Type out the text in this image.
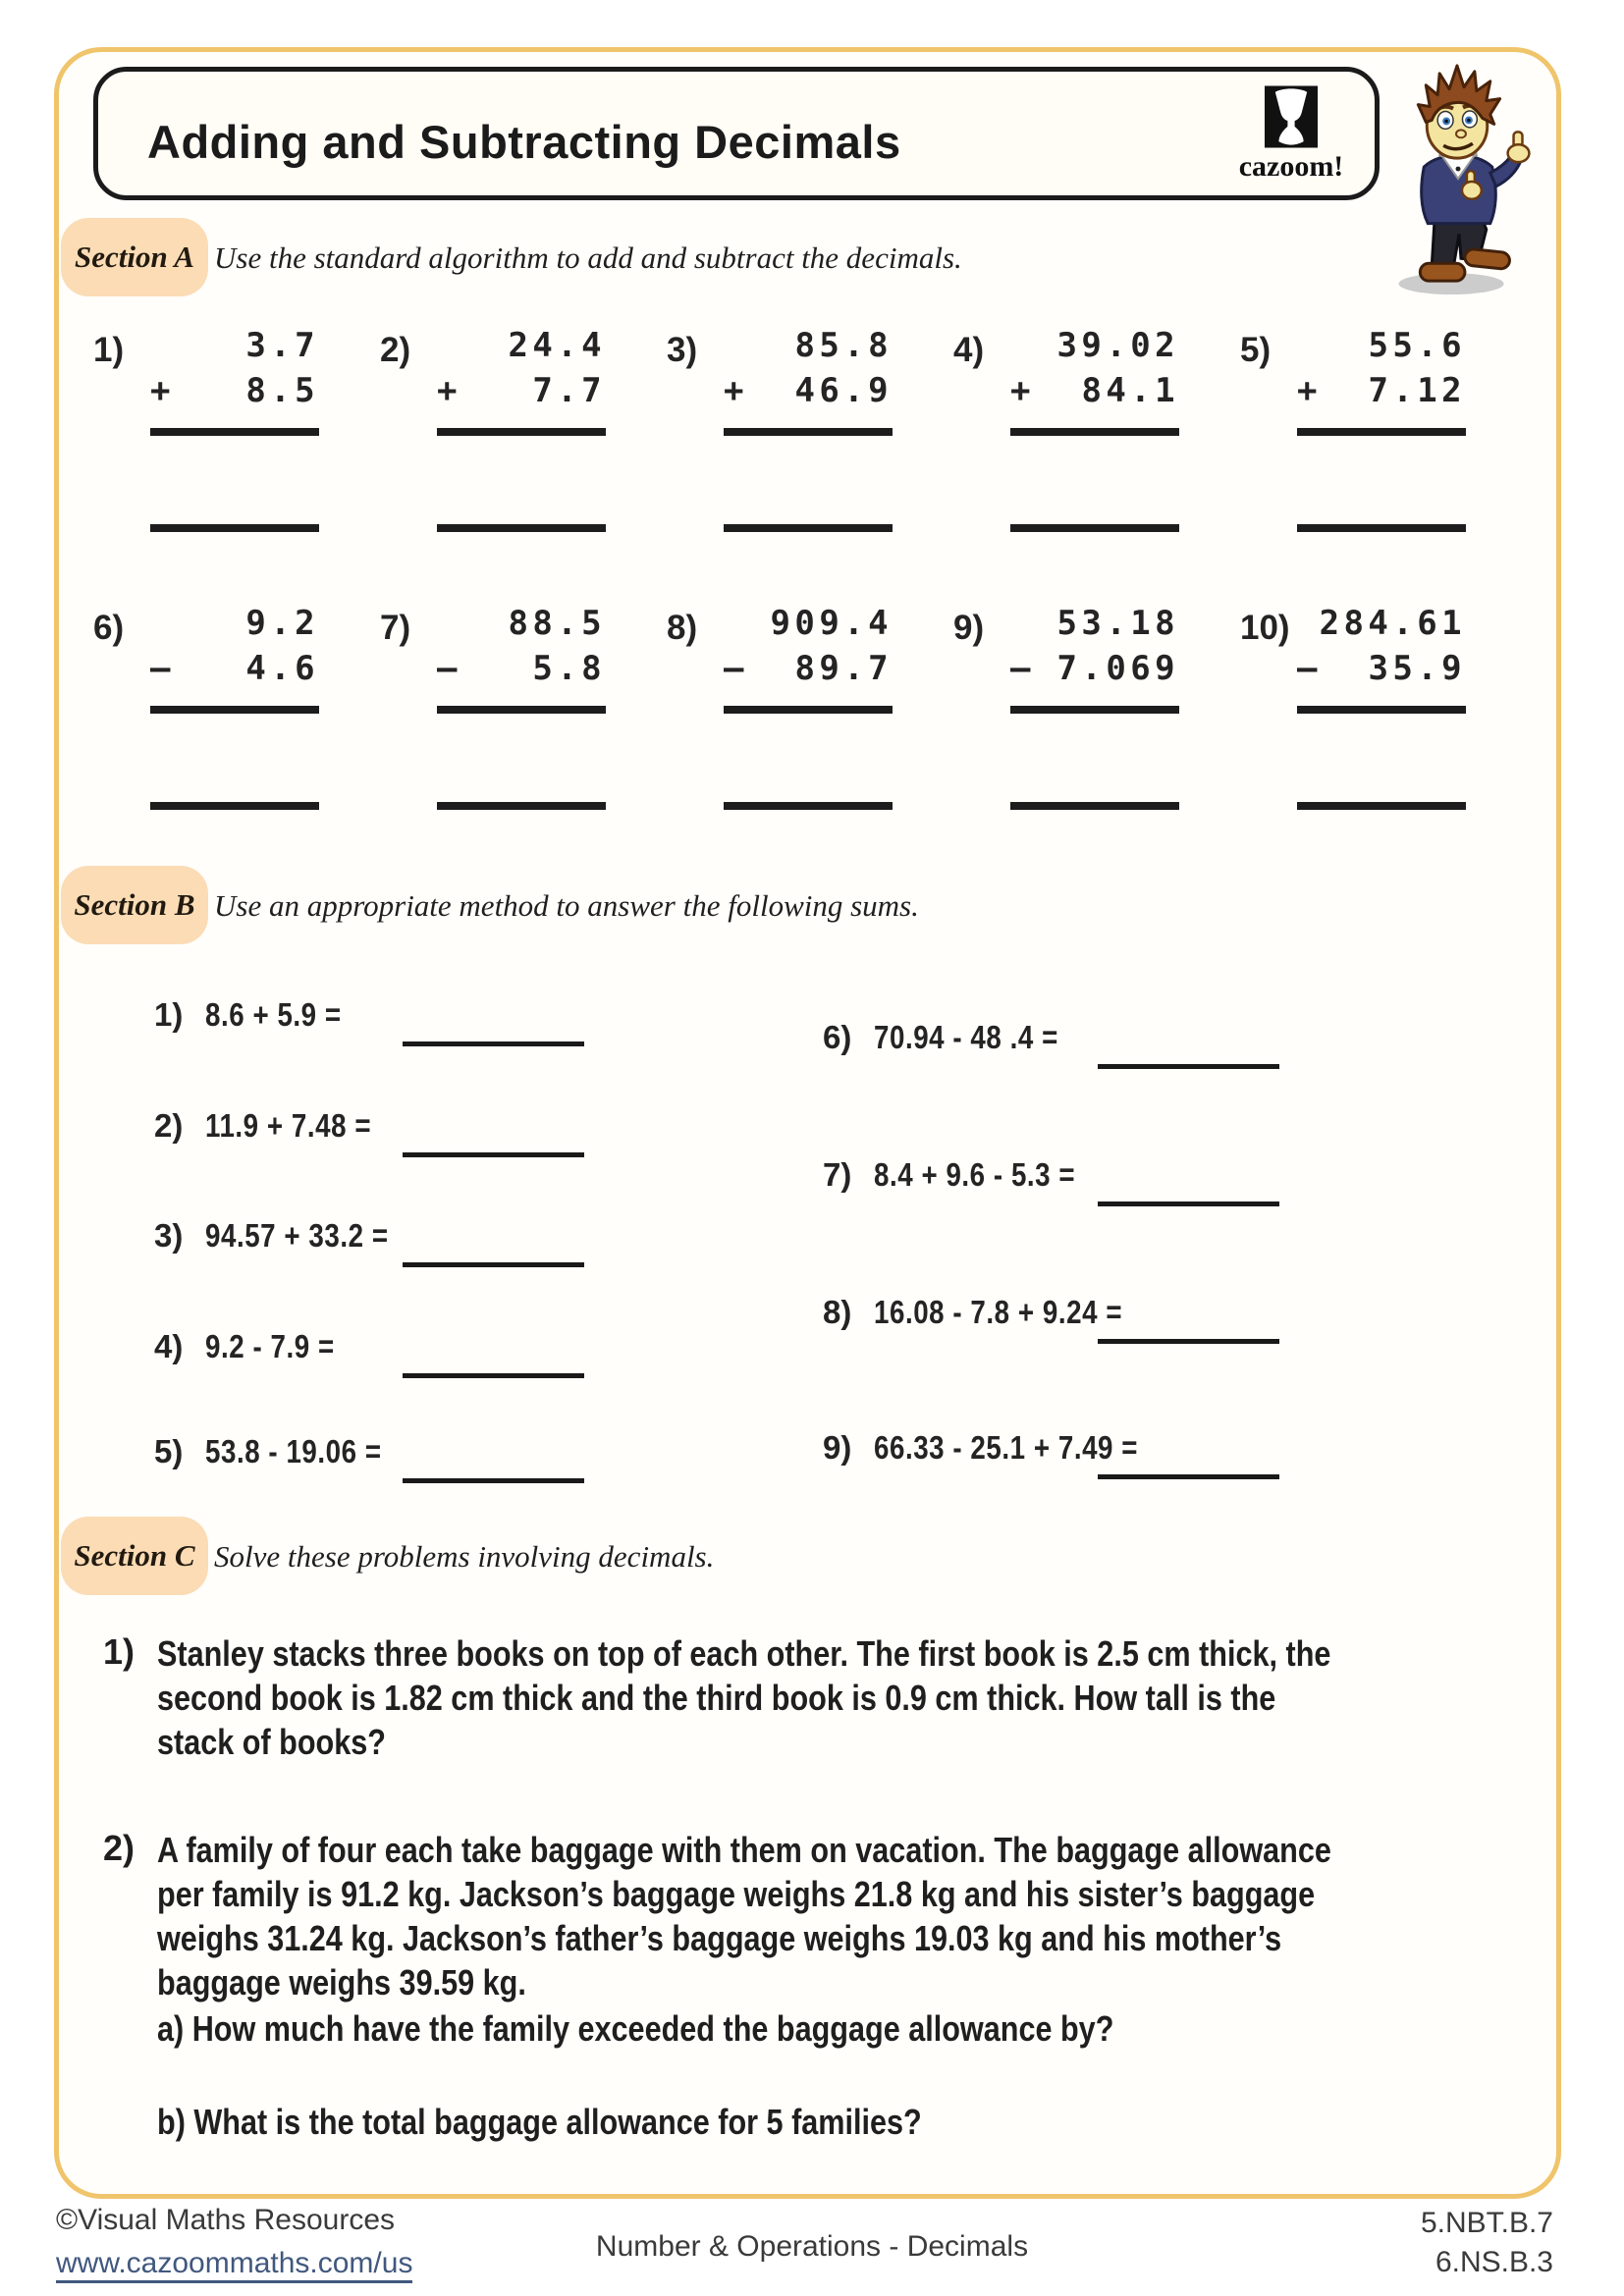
Adding and Subtracting Decimals	cazoom!
Section A Use the standard algorithm to add and subtract the decimals.
1)	3.7
+ 8.5
2)	24.4
+ 7.7
3)	85.8
+ 46.9
4)	39.02
+ 84.1
5)	55.6
+ 7.12
6)	9.2
– 4.6
7)	88.5
– 5.8
8)	909.4
– 89.7
9)	53.18
– 7.069
10) 284.61
– 35.9
Section B Use an appropriate method to answer the following sums.
1) 8.6 + 5.9 =
2) 11.9 + 7.48 =
3) 94.57 + 33.2 =
4) 9.2 - 7.9 =
5) 53.8 - 19.06 =
6) 70.94 - 48 .4 =
7) 8.4 + 9.6 - 5.3 =
8) 16.08 - 7.8 + 9.24 =
9) 66.33 - 25.1 + 7.49 =
Section C Solve these problems involving decimals.
1) Stanley stacks three books on top of each other. The first book is 2.5 cm thick, the second book is 1.82 cm thick and the third book is 0.9 cm thick. How tall is the stack of books?
2) A family of four each take baggage with them on vacation. The baggage allowance per family is 91.2 kg. Jackson’s baggage weighs 21.8 kg and his sister’s baggage weighs 31.24 kg. Jackson’s father’s baggage weighs 19.03 kg and his mother’s baggage weighs 39.59 kg.
a) How much have the family exceeded the baggage allowance by?
b) What is the total baggage allowance for 5 families?
©Visual Maths Resources
www.cazoommaths.com/us
Number & Operations - Decimals
5.NBT.B.7
6.NS.B.3
